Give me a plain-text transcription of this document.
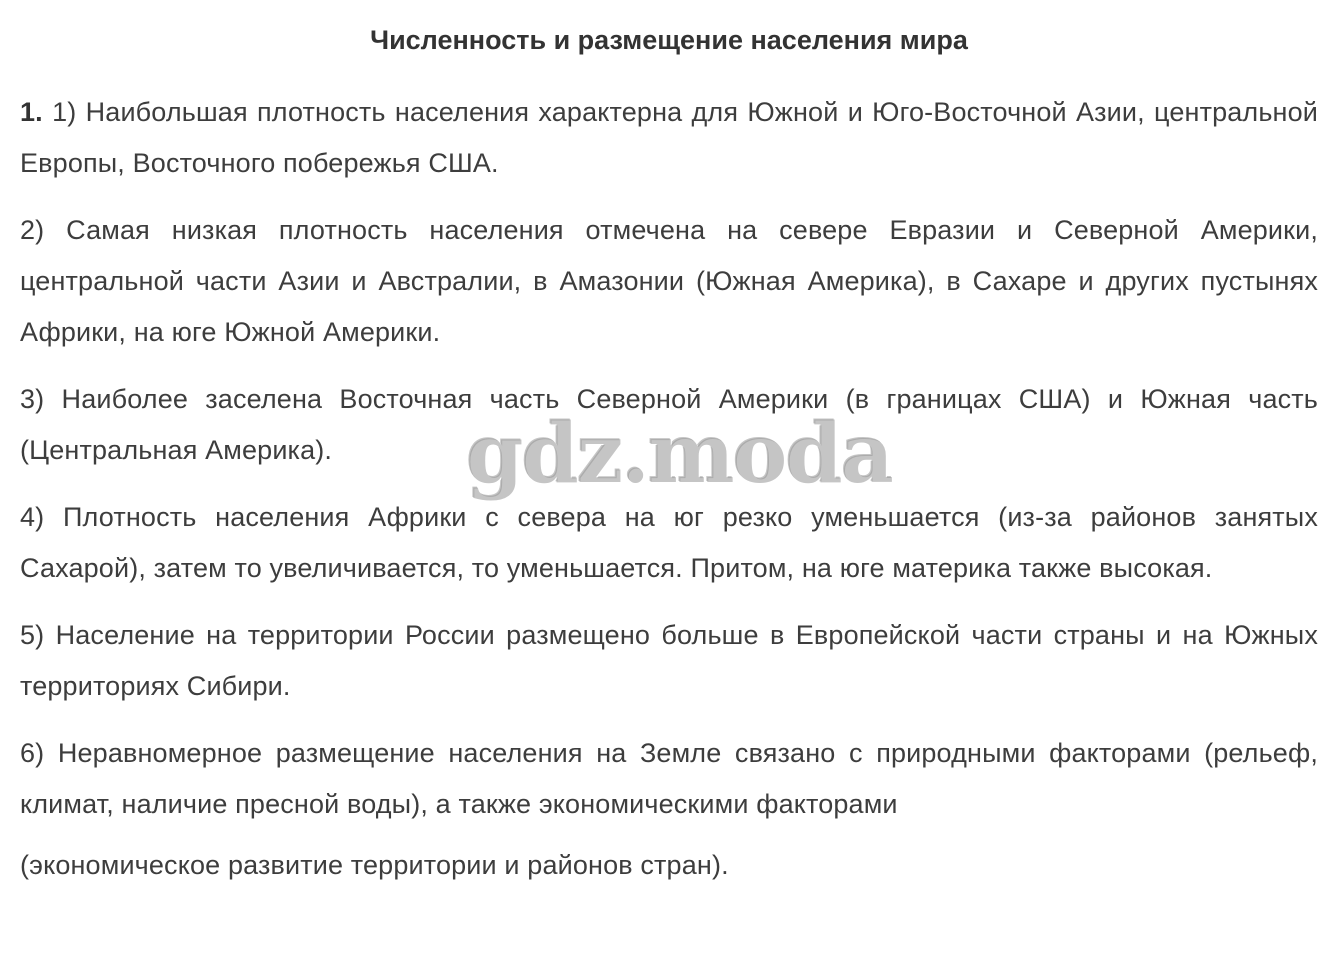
Численность и размещение населения мира

1. 1) Наибольшая плотность населения характерна для Южной и Юго-Восточной Азии, центральной Европы, Восточного побережья США.

2) Самая низкая плотность населения отмечена на севере Евразии и Северной Америки, центральной части Азии и Австралии, в Амазонии (Южная Америка), в Сахаре и других пустынях Африки, на юге Южной Америки.

3) Наиболее заселена Восточная часть Северной Америки (в границах США) и Южная часть (Центральная Америка).

4) Плотность населения Африки с севера на юг резко уменьшается (из-за районов занятых Сахарой), затем то увеличивается, то уменьшается. Притом, на юге материка также высокая.

5) Население на территории России размещено больше в Европейской части страны и на Южных территориях Сибири.

6) Неравномерное размещение населения на Земле связано с природными факторами (рельеф, климат, наличие пресной воды), а также экономическими факторами
(экономическое развитие территории и районов стран).

gdz.moda
